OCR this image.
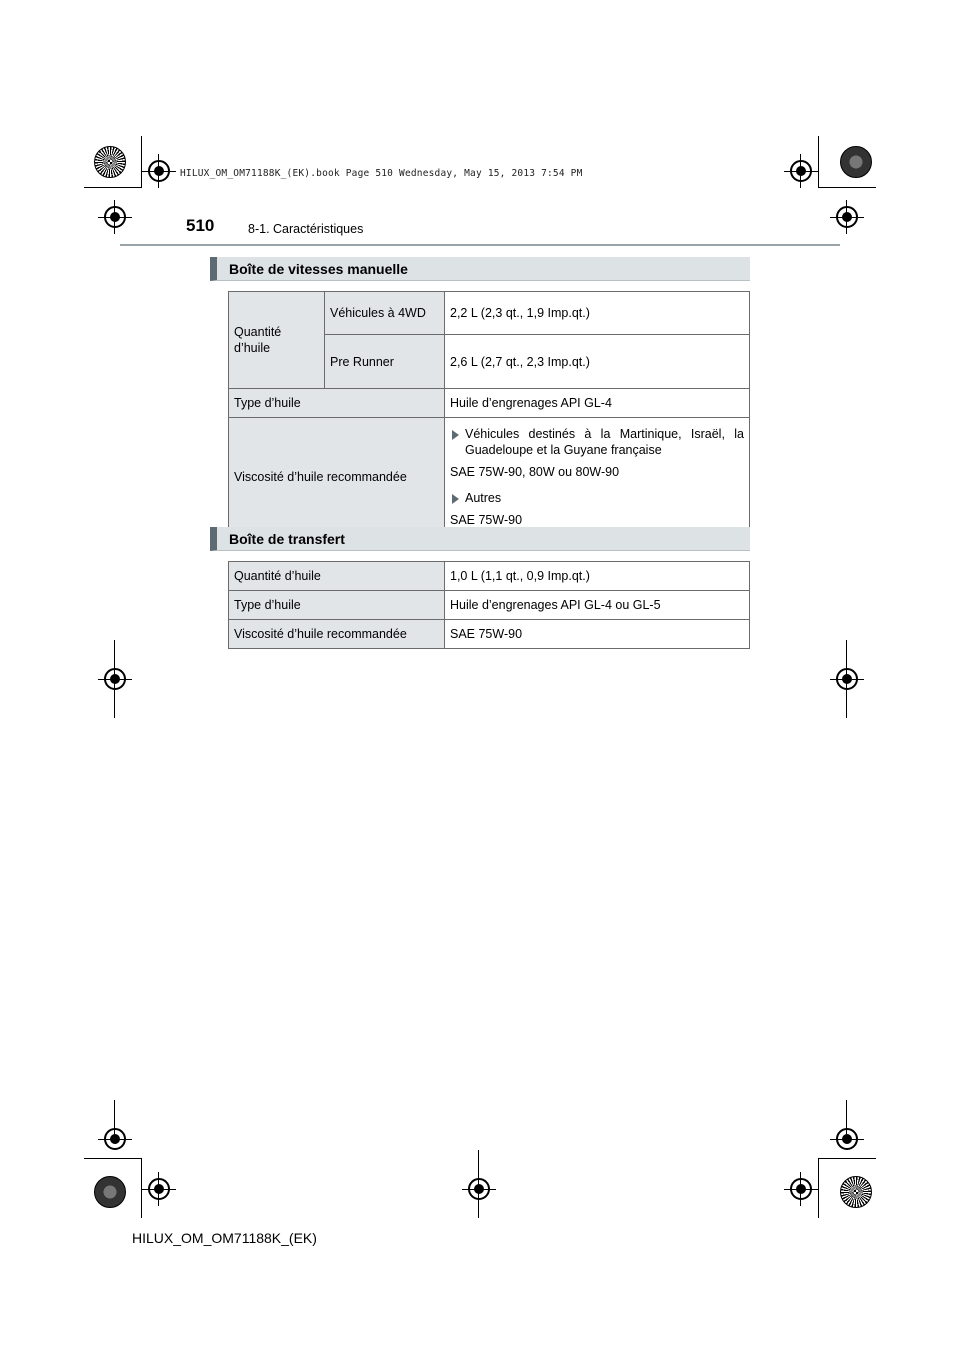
HILUX_OM_OM71188K_(EK).book Page 510 Wednesday, May 15, 2013 7:54 PM
510	8-1. Caractéristiques
Boîte de vitesses manuelle
Quantité d’huile	Véhicules à 4WD	2,2 L (2,3 qt., 1,9 Imp.qt.)
	Pre Runner	2,6 L (2,7 qt., 2,3 Imp.qt.)
Type d’huile		Huile d’engrenages API GL-4
Viscosité d’huile recommandée		Véhicules destinés à la Martinique, Israël, la Guadeloupe et la Guyane française
SAE 75W-90, 80W ou 80W-90
Autres
SAE 75W-90
Boîte de transfert
Quantité d’huile	1,0 L (1,1 qt., 0,9 Imp.qt.)
Type d’huile	Huile d’engrenages API GL-4 ou GL-5
Viscosité d’huile recommandée	SAE 75W-90
HILUX_OM_OM71188K_(EK)
